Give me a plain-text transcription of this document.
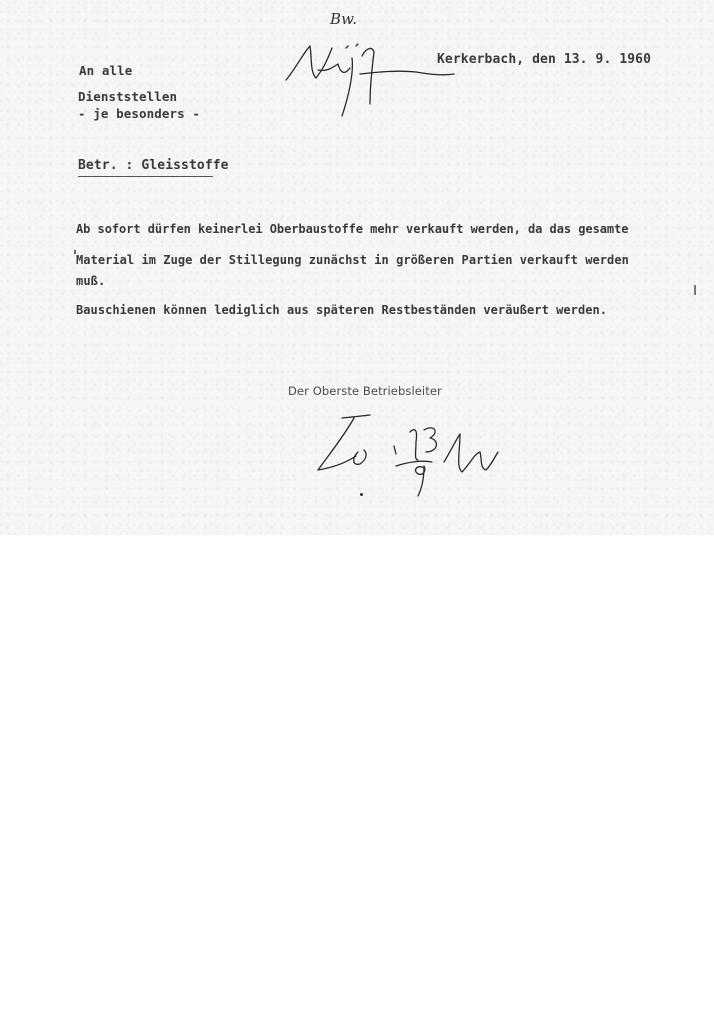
Kerkerbach, den 13. 9. 1960
An alle
Dienststellen
- je besonders -
Betr. : Gleisstoffe
Ab sofort dürfen keinerlei Oberbaustoffe mehr verkauft werden, da das gesamte
Material im Zuge der Stillegung zunächst in größeren Partien verkauft werden
muß.
Bauschienen können lediglich aus späteren Restbeständen veräußert werden.
Der Oberste Betriebsleiter
Bw.
